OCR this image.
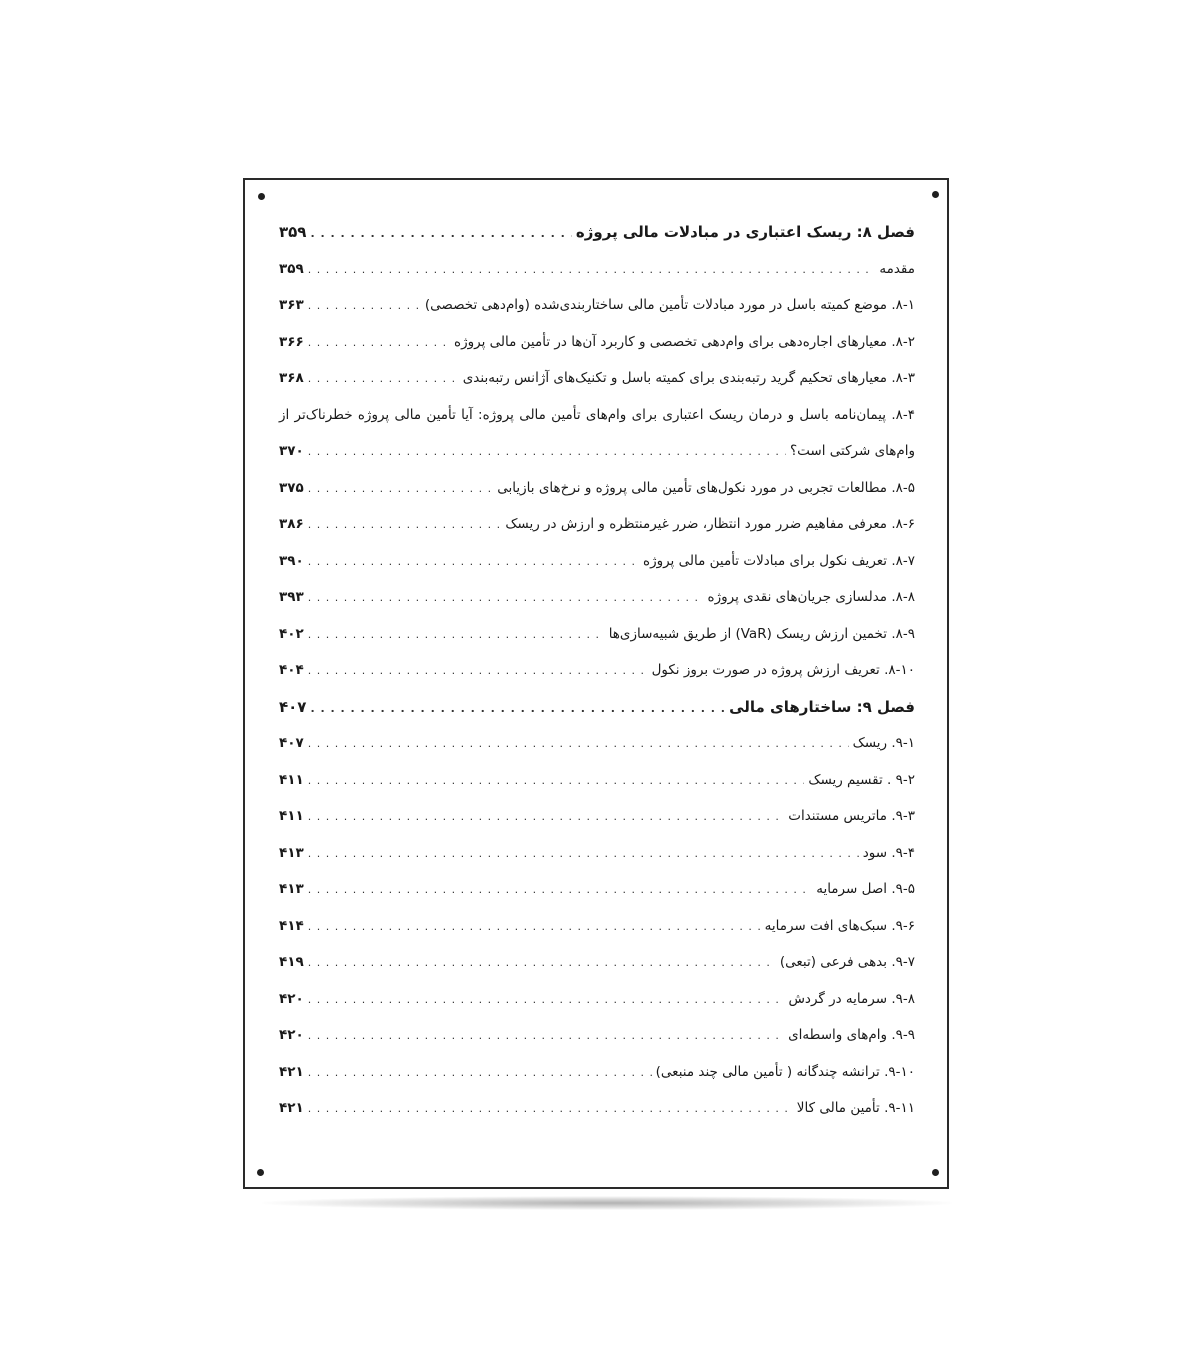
فصل ۸: ریسک اعتباری در مبادلات مالی پروژه
. . .
۳۵۹
مقدمه
. . .
۳۵۹
۸-۱. موضع کمیته باسل در مورد مبادلات تأمین مالی ساختاربندی‌شده (وام‌دهی تخصصی)
. . .
۳۶۳
۸-۲. معیارهای اجاره‌دهی برای وام‌دهی تخصصی و کاربرد آن‌ها در تأمین مالی پروژه
. . .
۳۶۶
۸-۳. معیارهای تحکیم گرید رتبه‌بندی برای کمیته باسل و تکنیک‌های آژانس رتبه‌بندی
. . .
۳۶۸
۸-۴. پیمان‌نامه باسل و درمان ریسک اعتباری برای وام‌های تأمین مالی پروژه: آیا تأمین مالی پروژه خطرناک‌تر از
وام‌های شرکتی است؟
. . .
۳۷۰
۸-۵. مطالعات تجربی در مورد نکول‌های تأمین مالی پروژه و نرخ‌های بازیابی
. . .
۳۷۵
۸-۶. معرفی مفاهیم ضرر مورد انتظار، ضرر غیرمنتظره و ارزش در ریسک
. . .
۳۸۶
۸-۷. تعریف نکول برای مبادلات تأمین مالی پروژه
. . .
۳۹۰
۸-۸. مدلسازی جریان‌های نقدی پروژه
. . .
۳۹۳
۸-۹. تخمین ارزش ریسک (VaR) از طریق شبیه‌سازی‌ها
. . .
۴۰۲
۸-۱۰. تعریف ارزش پروژه در صورت بروز نکول
. . .
۴۰۴
فصل ۹: ساختارهای مالی
. . .
۴۰۷
۹-۱. ریسک
. . .
۴۰۷
۹-۲ . تقسیم ریسک
. . .
۴۱۱
۹-۳. ماتریس مستندات
. . .
۴۱۱
۹-۴. سود
. . .
۴۱۳
۹-۵. اصل سرمایه
. . .
۴۱۳
۹-۶. سبک‌های افت سرمایه
. . .
۴۱۴
۹-۷. بدهی فرعی (تبعی)
. . .
۴۱۹
۹-۸. سرمایه در گردش
. . .
۴۲۰
۹-۹. وام‌های واسطه‌ای
. . .
۴۲۰
۹-۱۰. ترانشه چندگانه ( تأمین مالی چند منبعی)
. . .
۴۲۱
۹-۱۱. تأمین مالی کالا
. . .
۴۲۱
